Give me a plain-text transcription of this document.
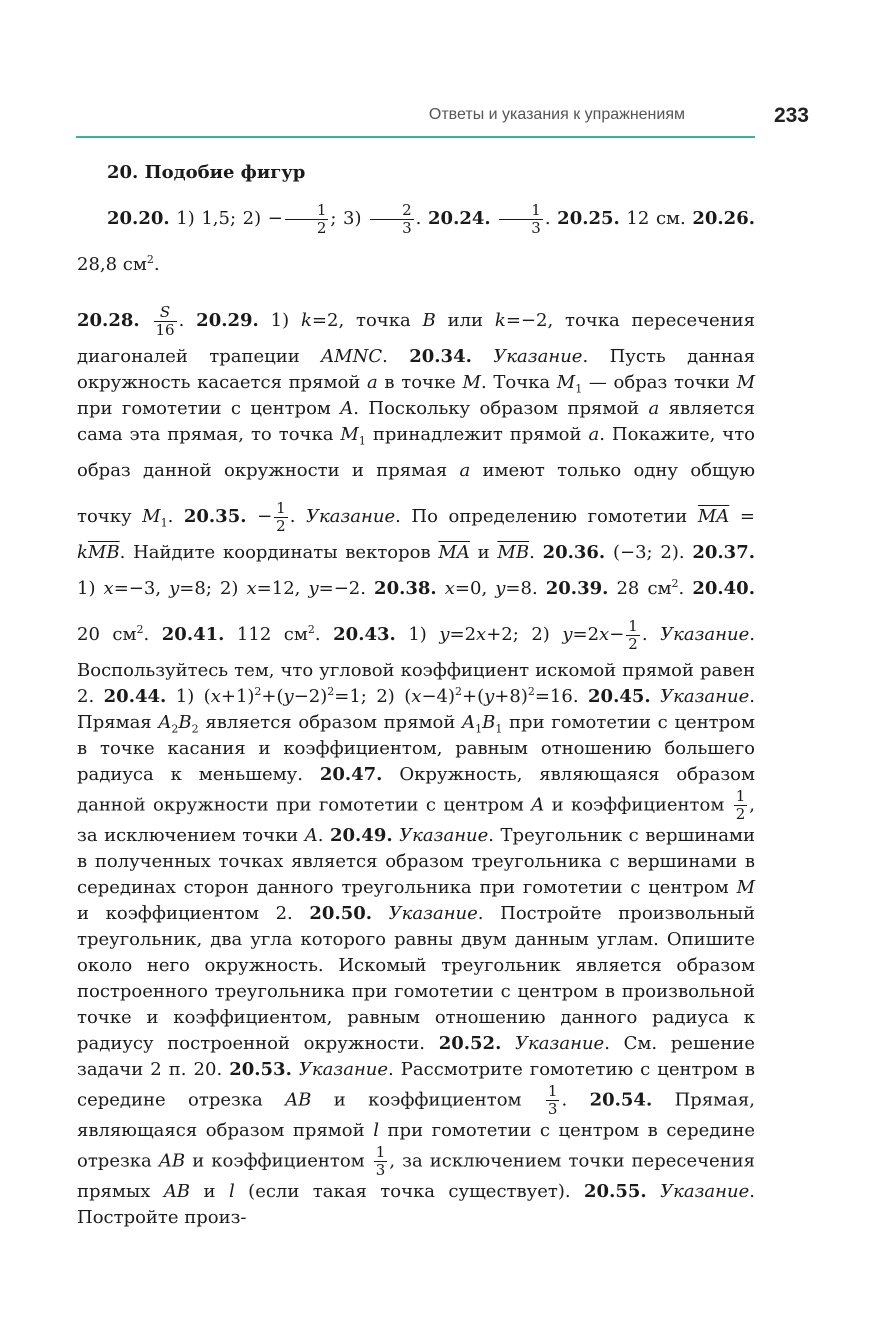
Ответы и указания к упражнениям	233
20. Подобие фигур

20.20. 1) 1,5; $2) - \frac{1}{2}$ ; $3) \frac{2}{3}$ . 20.24. $\frac{1}{3}$ . 20.25. 12 см. 20.26. 28,8 $см^2$.

20.28. $\frac{S}{16}$ . 20.29. 1) k=2, точка B или k=−2, точка пересечения диагоналей трапеции AMNC. 20.34. Указание. Пусть данная окружность касается прямой a в точке M. Точка $M_1$ — образ точки M при гомотетии с центром A. Поскольку образом прямой a является сама эта прямая, то точка $M_1$ принадлежит прямой a. Покажите, что образ данной окружности и прямая a имеют только одну общую точку $M_1$. 20.35. − $\frac{1}{2}$ . Указание. По определению гомотетии $\overline{MA} = k\overline{MB}$. Найдите координаты векторов $\overline{MA}$ и $\overline{MB}$. 20.36. (−3; 2). 20.37. 1) x=−3, y=8; 2) x=12, y=−2. 20.38. x=0, y=8. 20.39. 28 $см^2$. 20.40. 20 $см^2$. 20.41. 112 $см^2$. 20.43. 1) y=2x+2; 2) $y=2x- \frac{1}{2}$ . Указание. Воспользуйтесь тем, что угловой коэффициент искомой прямой равен 2. 20.44. 1) $(x+1)^2+(y-2)^2=1$; 2) $(x-4)^2+(y+8)^2=16$. 20.45. Указание. Прямая $A_2B_2$ является образом прямой $A_1B_1$ при гомотетии с центром в точке касания и коэффициентом, равным отношению большего радиуса к меньшему. 20.47. Окружность, являющаяся образом данной окружности при гомотетии с центром A и коэффициентом $\frac{1}{2}$ , за исключением точки A. 20.49. Указание. Треугольник с вершинами в полученных точках является образом треугольника с вершинами в серединах сторон данного треугольника при гомотетии с центром M и коэффициентом 2. 20.50. Указание. Постройте произвольный треугольник, два угла которого равны двум данным углам. Опишите около него окружность. Искомый треугольник является образом построенного треугольника при гомотетии с центром в произвольной точке и коэффициентом, равным отношению данного радиуса к радиусу построенной окружности. 20.52. Указание. См. решение задачи 2 п. 20. 20.53. Указание. Рассмотрите гомотетию с центром в середине отрезка AB и коэффициентом $\frac{1}{3}$ . 20.54. Прямая, являющаяся образом прямой l при гомотетии с центром в середине отрезка AB и коэффициентом $\frac{1}{3}$ , за исключением точки пересечения прямых AB и l (если такая точка существует). 20.55. Указание. Постройте произ-
